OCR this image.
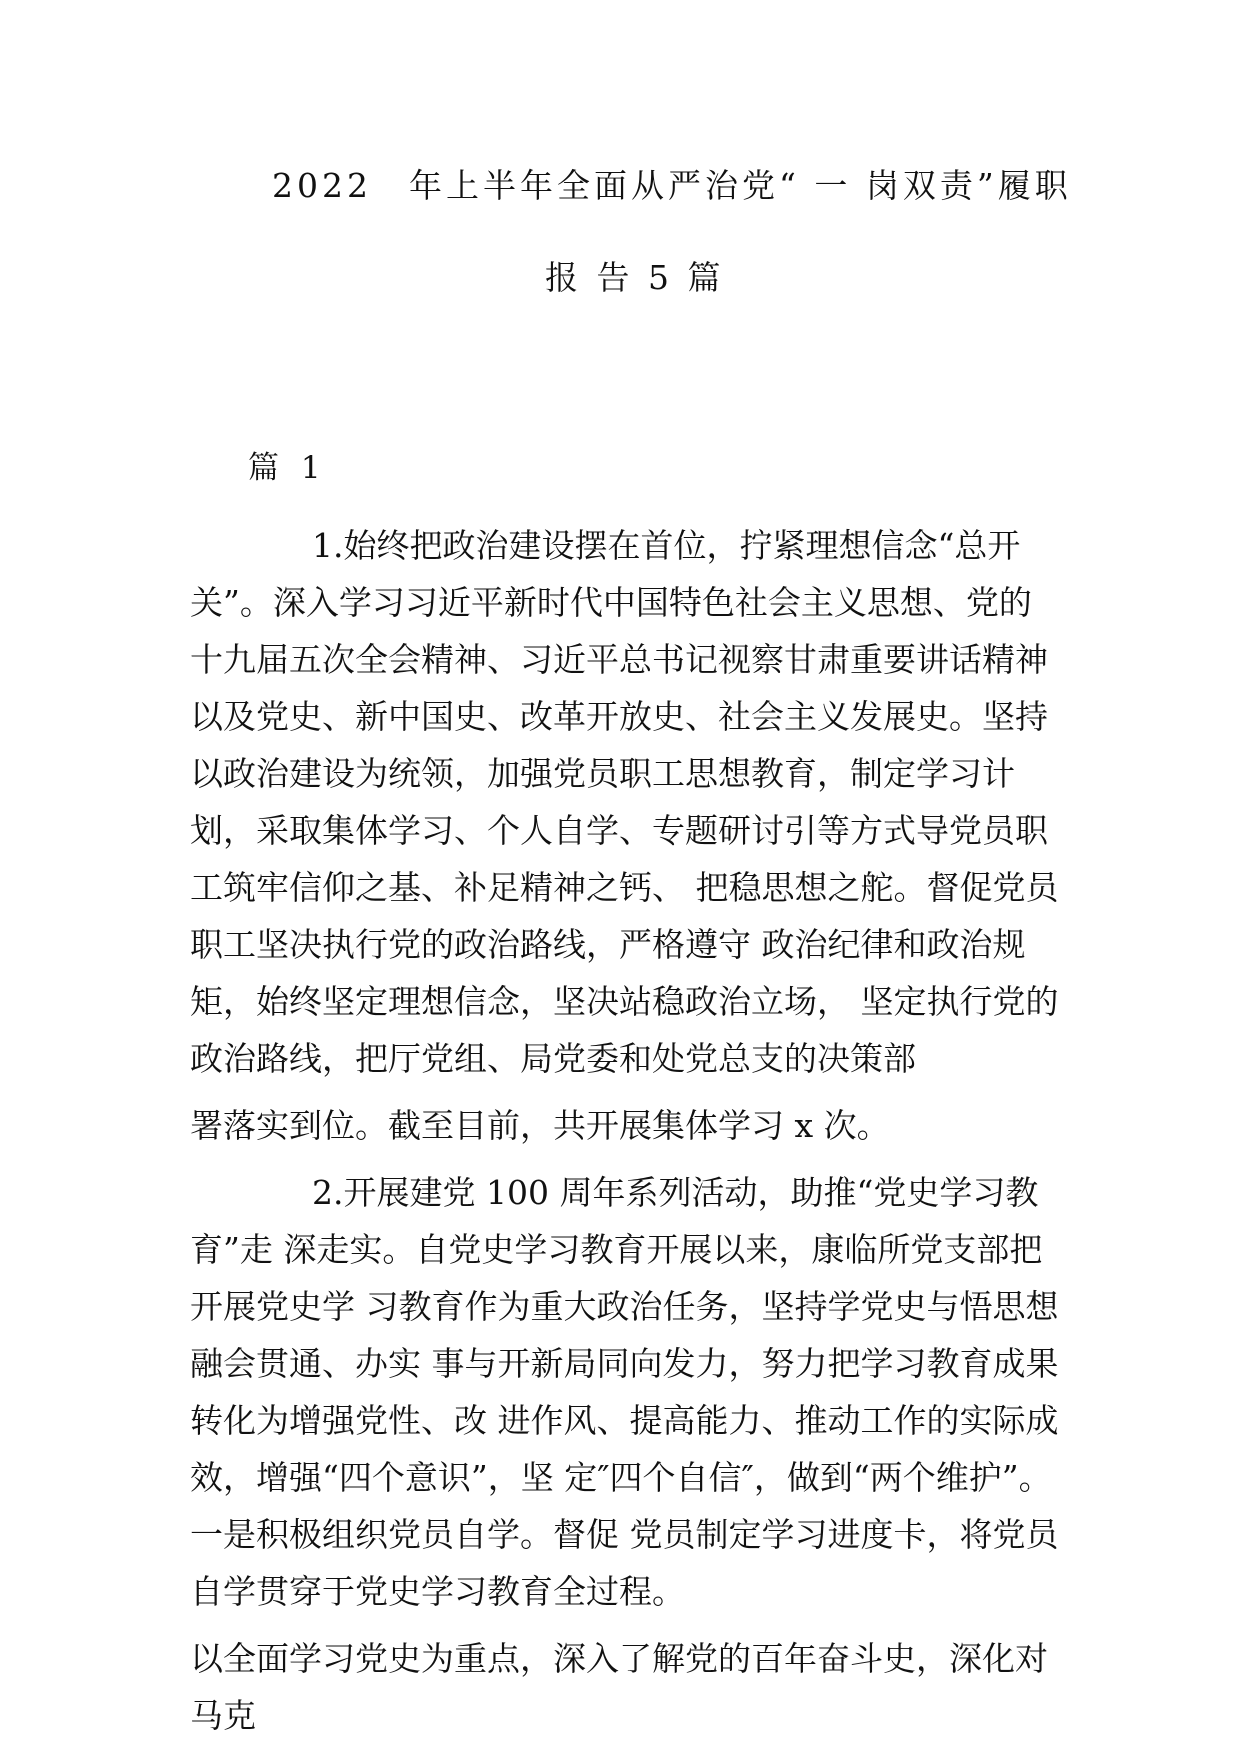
2022　年上半年全面从严治党“ 一 岗双责”履职
报 告 5 篇
篇 1
1.始终把政治建设摆在首位，拧紧理想信念“总开关”。深入学习习近平新时代中国特色社会主义思想、党的十九届五次全会精神、习近平总书记视察甘肃重要讲话精神以及党史、新中国史、改革开放史、社会主义发展史。坚持以政治建设为统领，加强党员职工思想教育，制定学习计划，采取集体学习、个人自学、专题研讨引等方式导党员职工筑牢信仰之基、补足精神之钙、 把稳思想之舵。督促党员职工坚决执行党的政治路线，严格遵守 政治纪律和政治规矩，始终坚定理想信念，坚决站稳政治立场， 坚定执行党的政治路线，把厅党组、局党委和处党总支的决策部
署落实到位。截至目前，共开展集体学习 x 次。
2.开展建党 100 周年系列活动，助推“党史学习教育”走 深走实。自党史学习教育开展以来，康临所党支部把开展党史学 习教育作为重大政治任务，坚持学党史与悟思想融会贯通、办实 事与开新局同向发力，努力把学习教育成果转化为增强党性、改 进作风、提高能力、推动工作的实际成效，增强“四个意识”，坚 定″四个自信″，做到“两个维护”。 一是积极组织党员自学。督促 党员制定学习进度卡，将党员自学贯穿于党史学习教育全过程。
以全面学习党史为重点，深入了解党的百年奋斗史，深化对马克
